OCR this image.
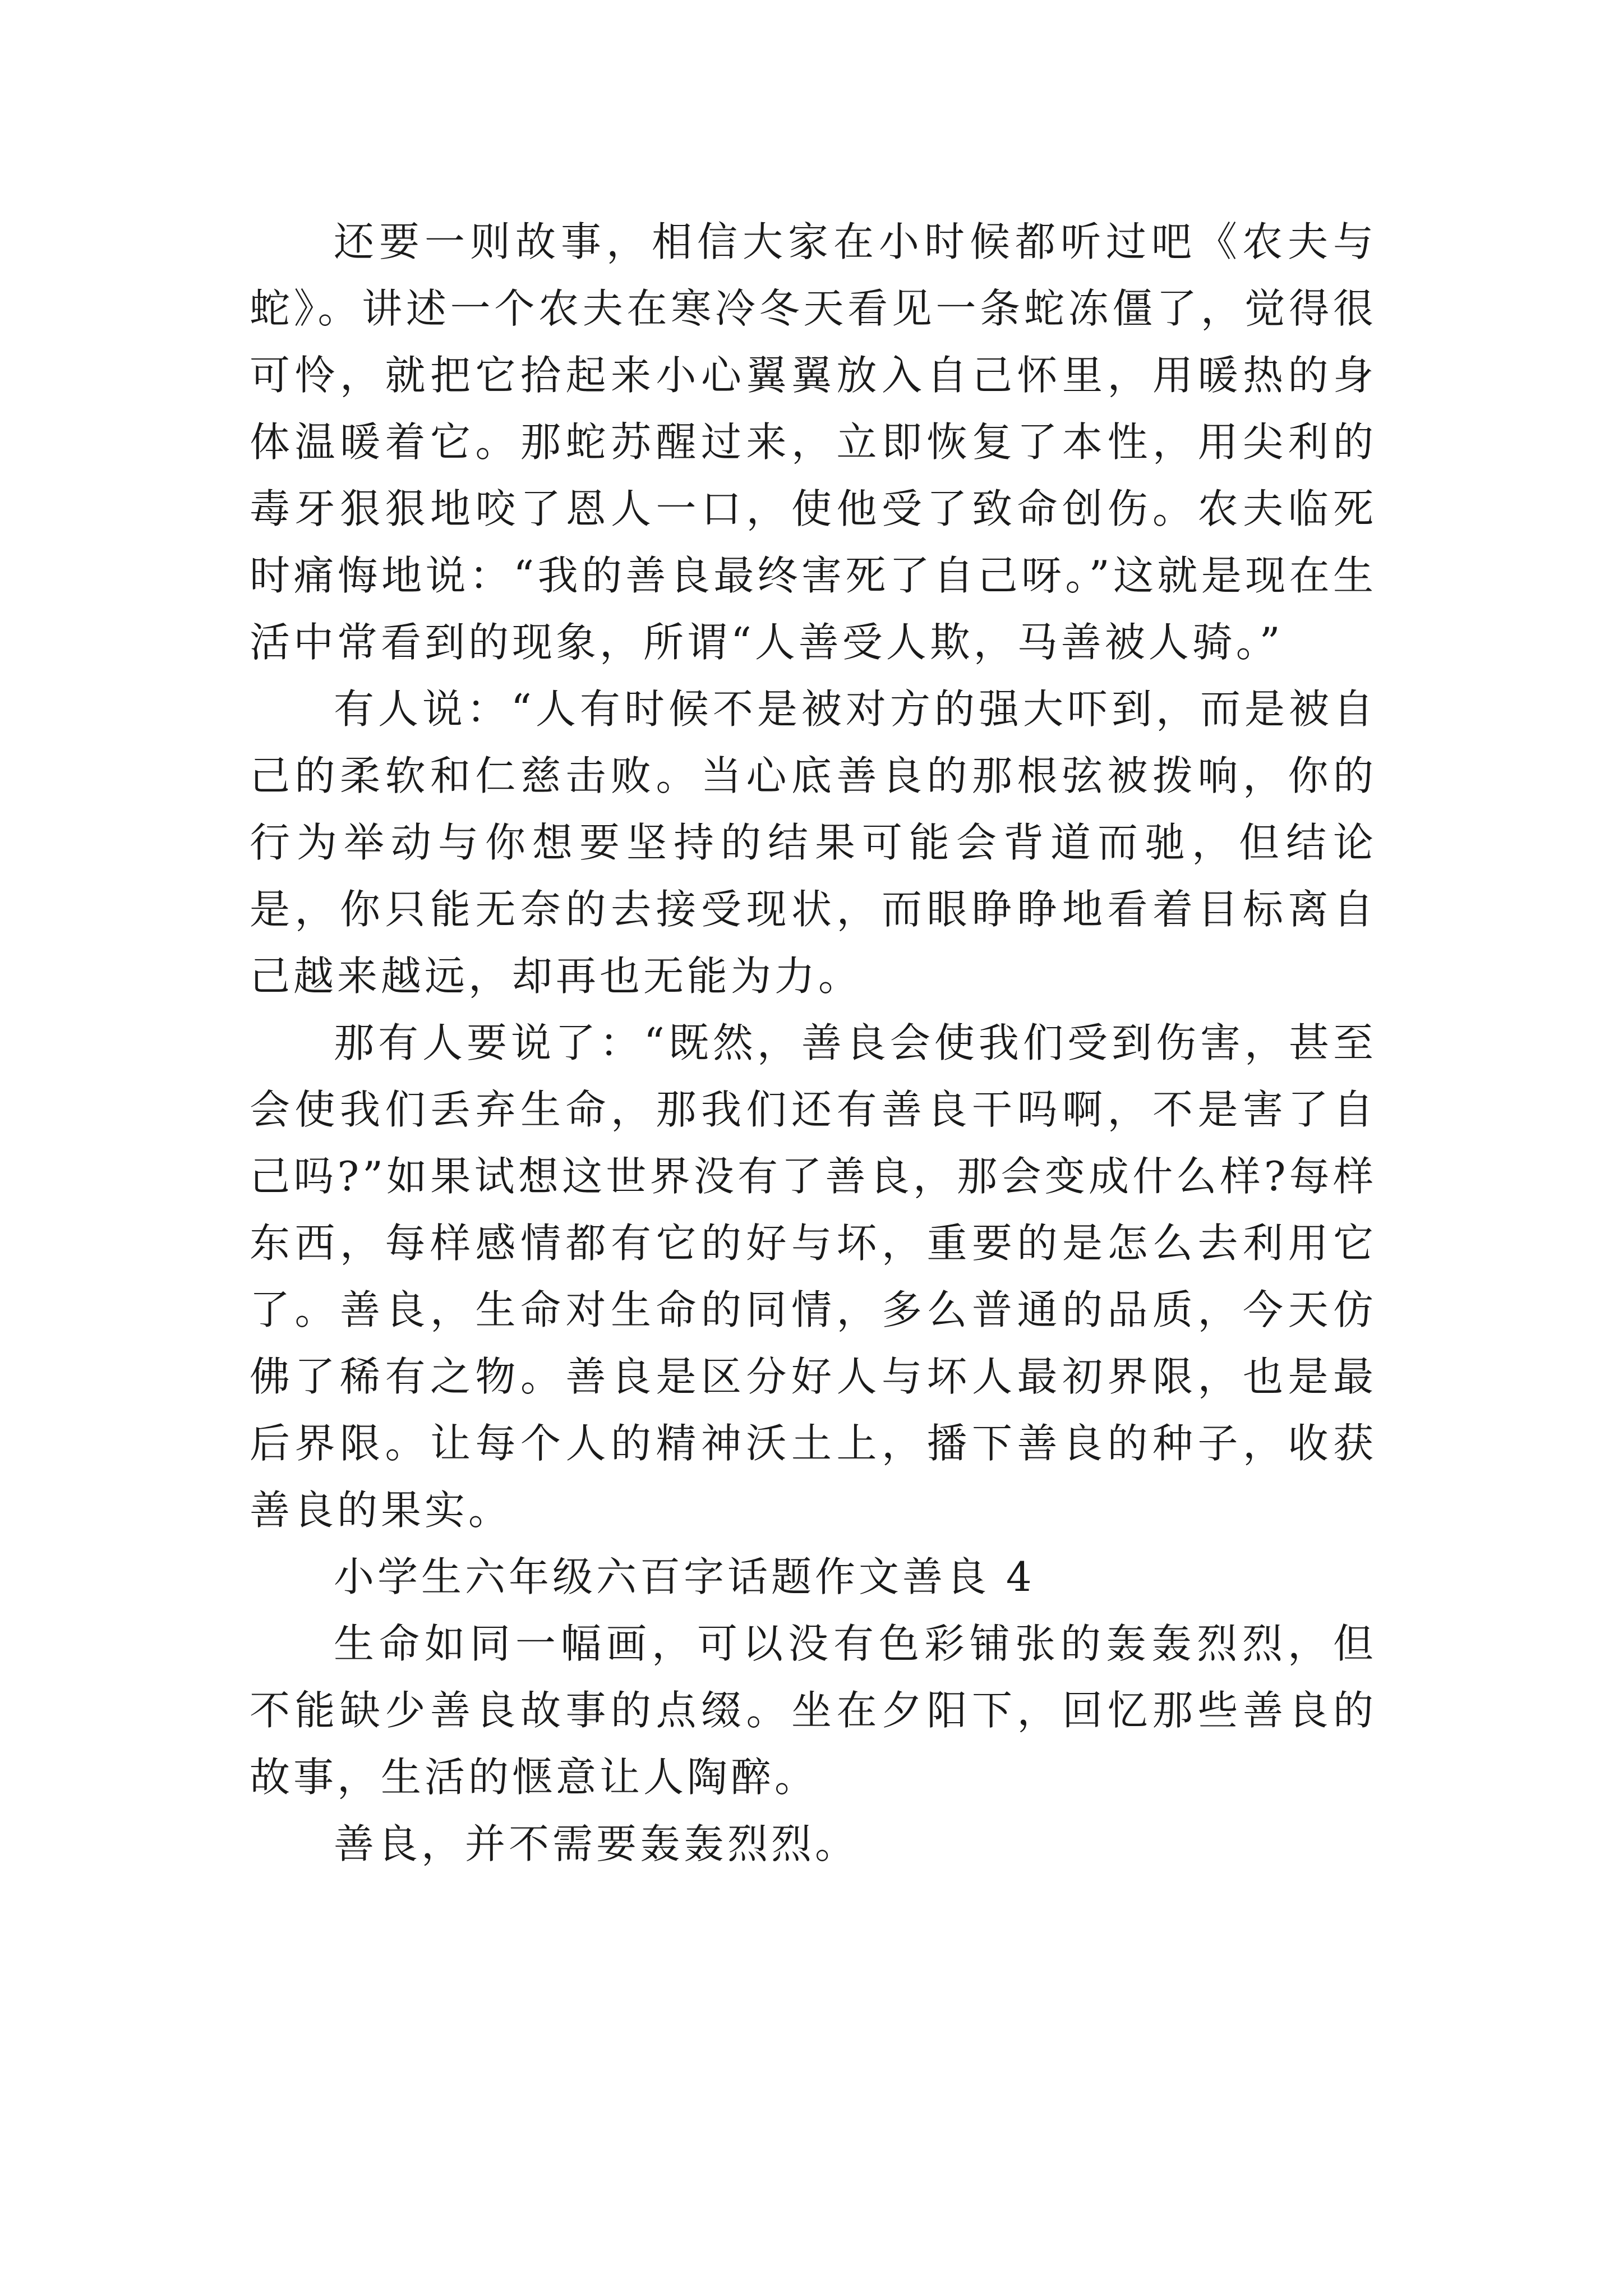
还要一则故事，相信大家在小时候都听过吧《农夫与蛇》。讲述一个农夫在寒冷冬天看见一条蛇冻僵了，觉得很可怜，就把它拾起来小心翼翼放入自己怀里，用暖热的身体温暖着它。那蛇苏醒过来，立即恢复了本性，用尖利的毒牙狠狠地咬了恩人一口，使他受了致命创伤。农夫临死时痛悔地说：“我的善良最终害死了自己呀。”这就是现在生活中常看到的现象，所谓“人善受人欺，马善被人骑。”

有人说：“人有时候不是被对方的强大吓到，而是被自己的柔软和仁慈击败。当心底善良的那根弦被拨响，你的行为举动与你想要坚持的结果可能会背道而驰，但结论是，你只能无奈的去接受现状，而眼睁睁地看着目标离自己越来越远，却再也无能为力。

那有人要说了：“既然，善良会使我们受到伤害，甚至会使我们丢弃生命，那我们还有善良干吗啊，不是害了自己吗?”如果试想这世界没有了善良，那会变成什么样?每样东西，每样感情都有它的好与坏，重要的是怎么去利用它了。善良，生命对生命的同情，多么普通的品质，今天仿佛了稀有之物。善良是区分好人与坏人最初界限，也是最后界限。让每个人的精神沃土上，播下善良的种子，收获善良的果实。

小学生六年级六百字话题作文善良 4

生命如同一幅画，可以没有色彩铺张的轰轰烈烈，但不能缺少善良故事的点缀。坐在夕阳下，回忆那些善良的故事，生活的惬意让人陶醉。

善良，并不需要轰轰烈烈。
